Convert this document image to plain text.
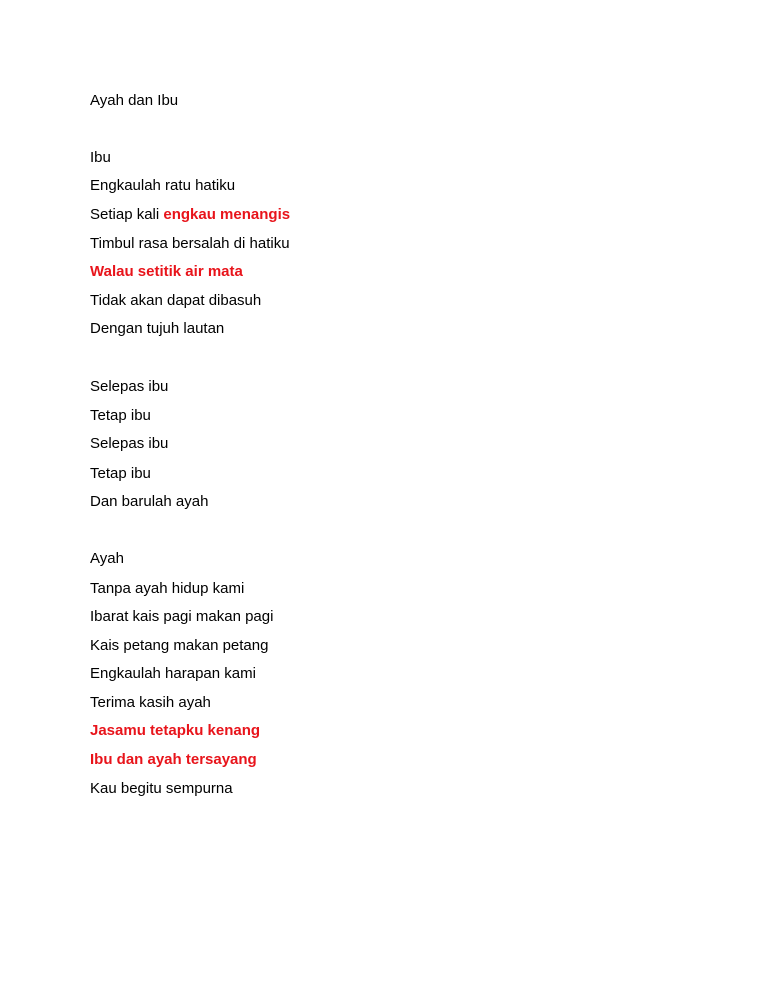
Ayah dan Ibu
Ibu
Engkaulah ratu hatiku
Setiap kali engkau menangis
Timbul rasa bersalah di hatiku
Walau setitik air mata
Tidak akan dapat dibasuh
Dengan tujuh lautan
Selepas ibu
Tetap ibu
Selepas ibu
Tetap ibu
Dan barulah ayah
Ayah
Tanpa ayah hidup kami
Ibarat kais pagi makan pagi
Kais petang makan petang
Engkaulah harapan kami
Terima kasih ayah
Jasamu tetapku kenang
Ibu dan ayah tersayang
Kau begitu sempurna
